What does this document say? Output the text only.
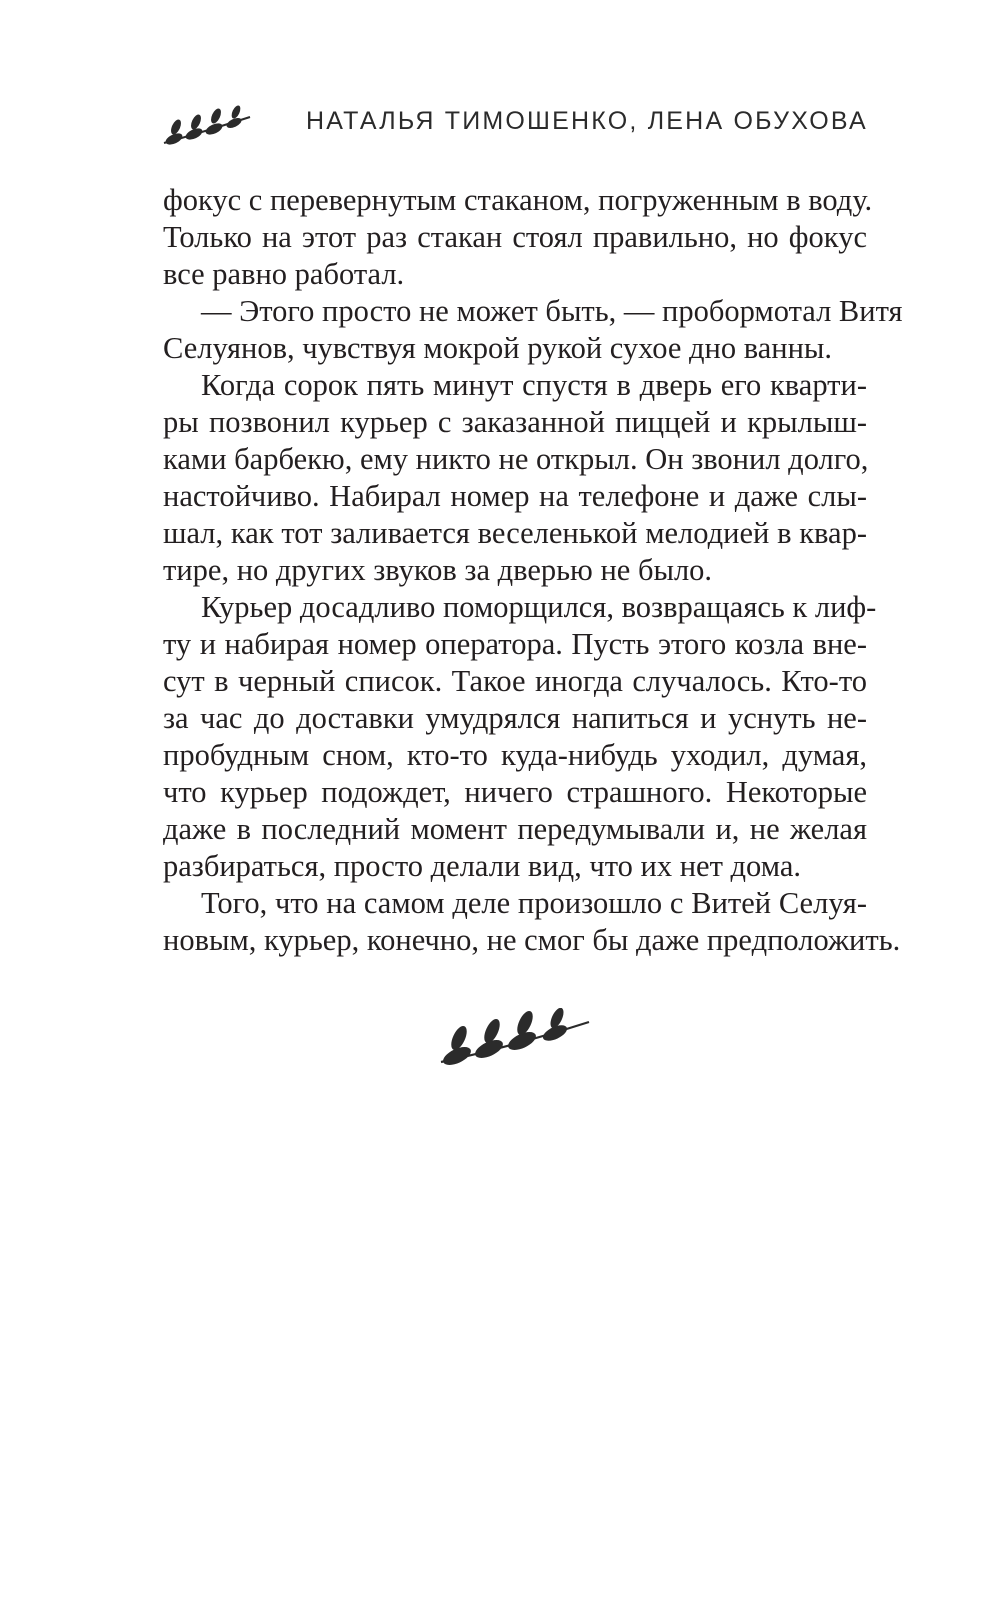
НАТАЛЬЯ ТИМОШЕНКО, ЛЕНА ОБУХОВА
фокус с перевернутым стаканом, погруженным в воду.
Только на этот раз стакан стоял правильно, но фокус
все равно работал.
— Этого просто не может быть, — пробормотал Витя
Селуянов, чувствуя мокрой рукой сухое дно ванны.
Когда сорок пять минут спустя в дверь его кварти-
ры позвонил курьер с заказанной пиццей и крылыш-
ками барбекю, ему никто не открыл. Он звонил долго,
настойчиво. Набирал номер на телефоне и даже слы-
шал, как тот заливается веселенькой мелодией в квар-
тире, но других звуков за дверью не было.
Курьер досадливо поморщился, возвращаясь к лиф-
ту и набирая номер оператора. Пусть этого козла вне-
сут в черный список. Такое иногда случалось. Кто-то
за час до доставки умудрялся напиться и уснуть не-
пробудным сном, кто-то куда-нибудь уходил, думая,
что курьер подождет, ничего страшного. Некоторые
даже в последний момент передумывали и, не желая
разбираться, просто делали вид, что их нет дома.
Того, что на самом деле произошло с Витей Селуя-
новым, курьер, конечно, не смог бы даже предположить.
